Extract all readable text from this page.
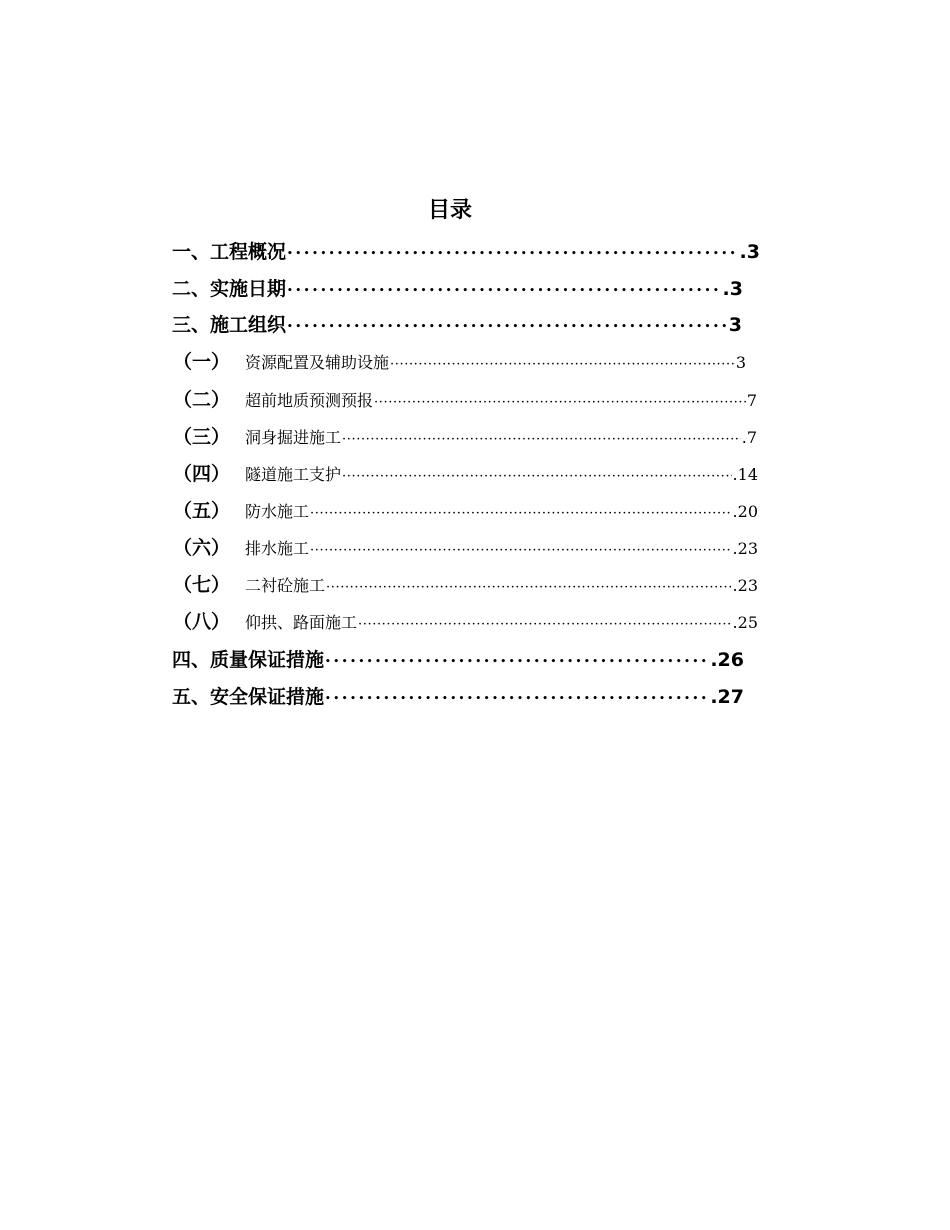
目录
一、 工程概况 •••••	.3
二、 实施日期 •••••	.3
三、 施工组织 •••••	3
（一） 资源配置及辅助设施 ·····	3
（二） 超前地质预测预报 ·····	7
（三） 洞身掘进施工 ·····	.7
（四） 隧道施工支护 ·····	.14
（五） 防水施工 ·····	.20
（六） 排水施工 ·····	.23
（七） 二衬砼施工 ·····	.23
（八） 仰拱、路面施工 ·····	.25
四、 质量保证措施 •••••	.26
五、 安全保证措施 •••••	.27
